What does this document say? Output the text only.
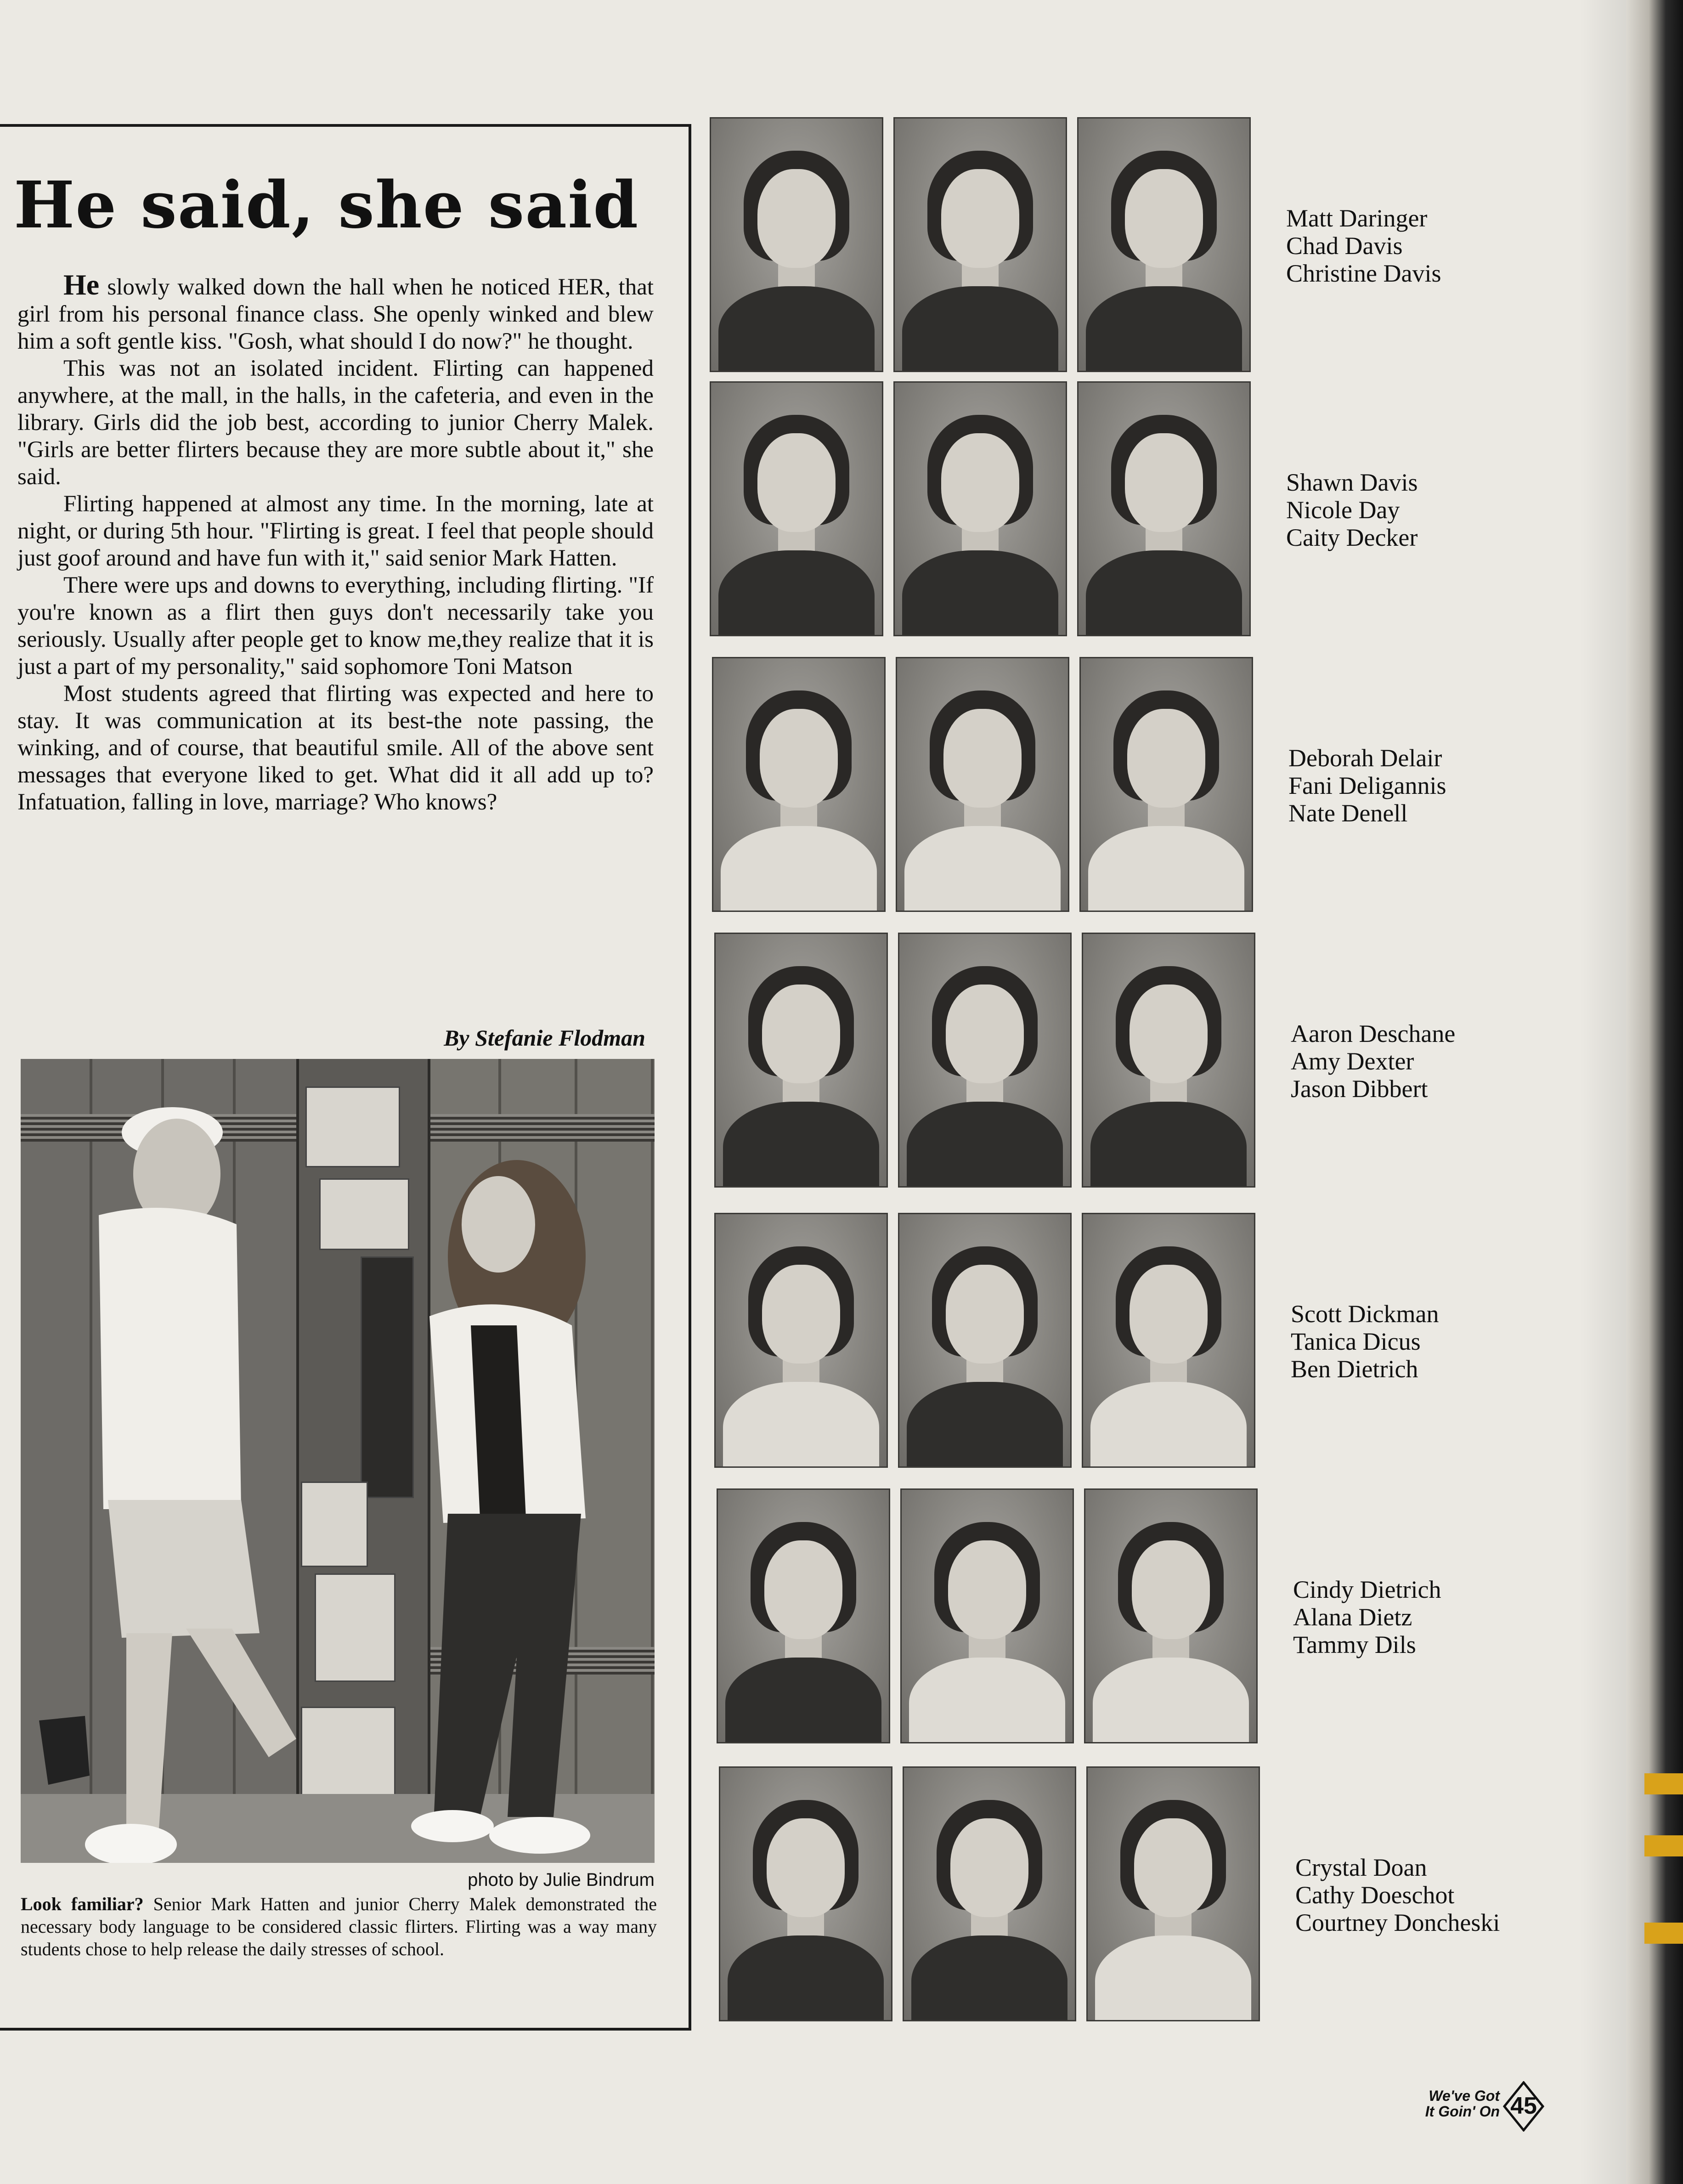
He said, she said

He slowly walked down the hall when he noticed HER, that girl from his personal finance class. She openly winked and blew him a soft gentle kiss. "Gosh, what should I do now?" he thought.

This was not an isolated incident. Flirting can happened anywhere, at the mall, in the halls, in the cafeteria, and even in the library. Girls did the job best, according to junior Cherry Malek. "Girls are better flirters because they are more subtle about it," she said.

Flirting happened at almost any time. In the morning, late at night, or during 5th hour. "Flirting is great. I feel that people should just goof around and have fun with it," said senior Mark Hatten.

There were ups and downs to everything, including flirting. "If you're known as a flirt then guys don't necessarily take you seriously. Usually after people get to know me,they realize that it is just a part of my personality," said sophomore Toni Matson

Most students agreed that flirting was expected and here to stay. It was communication at its best-the note passing, the winking, and of course, that beautiful smile. All of the above sent messages that everyone liked to get. What did it all add up to? Infatuation, falling in love, marriage? Who knows?

By Stefanie Flodman
photo by Julie Bindrum
Look familiar? Senior Mark Hatten and junior Cherry Malek demonstrated the necessary body language to be considered classic flirters. Flirting was a way many students chose to help release the daily stresses of school.
Matt Daringer
Chad Davis
Christine Davis
Shawn Davis
Nicole Day
Caity Decker
Deborah Delair
Fani Deligannis
Nate Denell
Aaron Deschane
Amy Dexter
Jason Dibbert
Scott Dickman
Tanica Dicus
Ben Dietrich
Cindy Dietrich
Alana Dietz
Tammy Dils
Crystal Doan
Cathy Doeschot
Courtney Doncheski
We've Got
It Goin' On 45
